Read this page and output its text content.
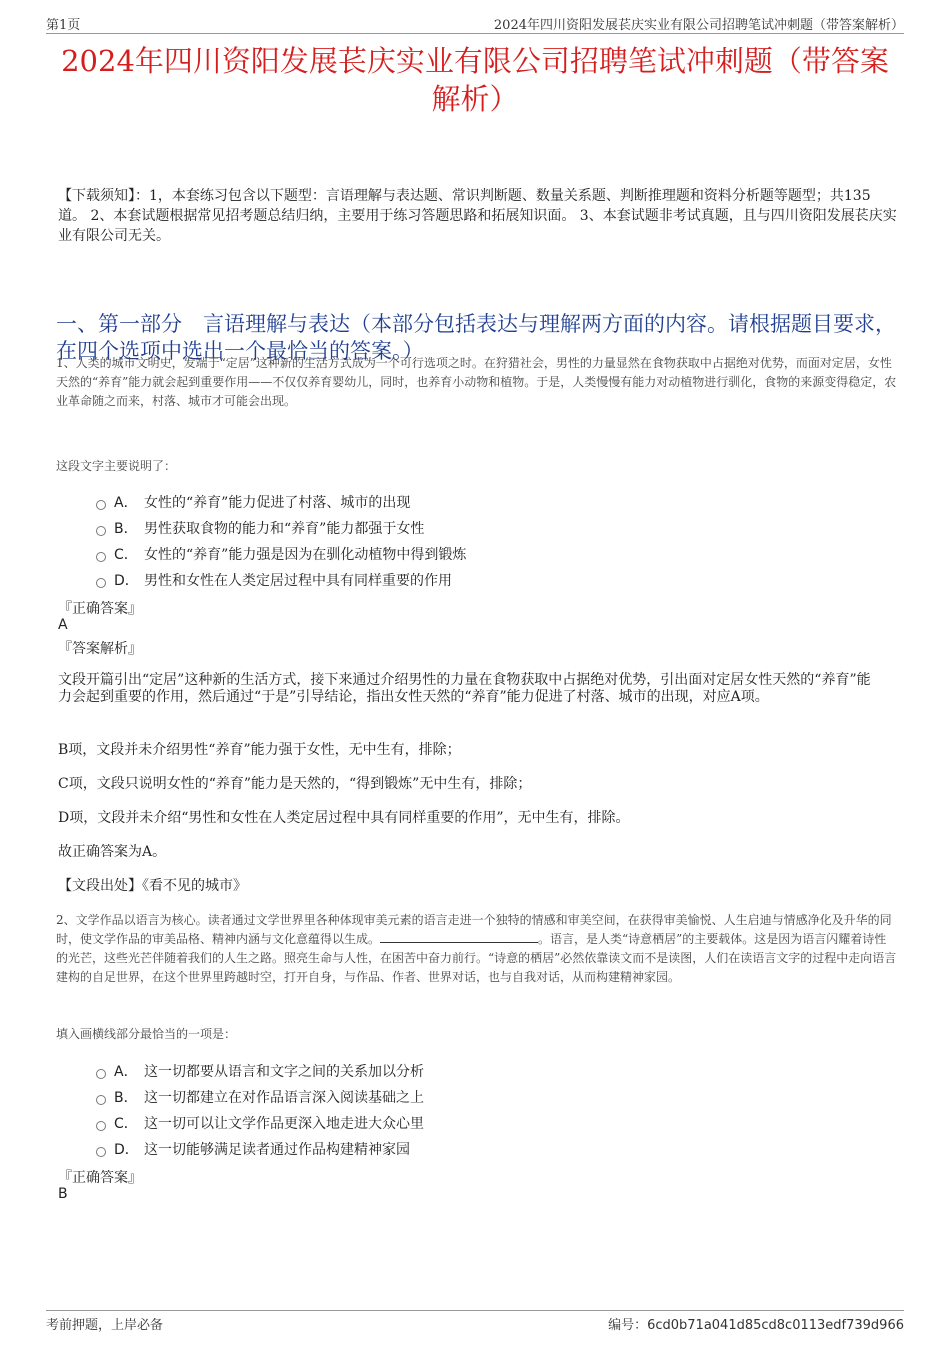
第1页	2024年四川资阳发展苌庆实业有限公司招聘笔试冲刺题（带答案解析）
2024年四川资阳发展苌庆实业有限公司招聘笔试冲刺题（带答案解析）
【下载须知】：1，本套练习包含以下题型：言语理解与表达题、常识判断题、数量关系题、判断推理题和资料分析题等题型；共135道。 2、本套试题根据常见招考题总结归纳，主要用于练习答题思路和拓展知识面。 3、本套试题非考试真题，且与四川资阳发展苌庆实业有限公司无关。
一、第一部分　言语理解与表达（本部分包括表达与理解两方面的内容。请根据题目要求，在四个选项中选出一个最恰当的答案。）
1、人类的城市文明史，发端于“定居”这种新的生活方式成为一个可行选项之时。在狩猎社会，男性的力量显然在食物获取中占据绝对优势，而面对定居，女性天然的“养育”能力就会起到重要作用——不仅仅养育婴幼儿，同时，也养育小动物和植物。于是，人类慢慢有能力对动植物进行驯化，食物的来源变得稳定，农业革命随之而来，村落、城市才可能会出现。
这段文字主要说明了：
A． 女性的“养育”能力促进了村落、城市的出现
B． 男性获取食物的能力和“养育”能力都强于女性
C． 女性的“养育”能力强是因为在驯化动植物中得到锻炼
D． 男性和女性在人类定居过程中具有同样重要的作用
『正确答案』
A
『答案解析』
文段开篇引出“定居”这种新的生活方式，接下来通过介绍男性的力量在食物获取中占据绝对优势，引出面对定居女性天然的“养育”能力会起到重要的作用，然后通过“于是”引导结论，指出女性天然的“养育”能力促进了村落、城市的出现，对应A项。
B项，文段并未介绍男性“养育”能力强于女性，无中生有，排除；
C项，文段只说明女性的“养育”能力是天然的，“得到锻炼”无中生有，排除；
D项，文段并未介绍“男性和女性在人类定居过程中具有同样重要的作用”，无中生有，排除。
故正确答案为A。
【文段出处】《看不见的城市》
2、文学作品以语言为核心。读者通过文学世界里各种体现审美元素的语言走进一个独特的情感和审美空间，在获得审美愉悦、人生启迪与情感净化及升华的同时，使文学作品的审美品格、精神内涵与文化意蕴得以生成。	。语言，是人类“诗意栖居”的主要载体。这是因为语言闪耀着诗性的光芒，这些光芒伴随着我们的人生之路。照亮生命与人性，在困苦中奋力前行。“诗意的栖居”必然依靠读文而不是读图，人们在读语言文字的过程中走向语言建构的自足世界，在这个世界里跨越时空，打开自身，与作品、作者、世界对话，也与自我对话，从而构建精神家园。
填入画横线部分最恰当的一项是：
A． 这一切都要从语言和文字之间的关系加以分析
B． 这一切都建立在对作品语言深入阅读基础之上
C． 这一切可以让文学作品更深入地走进大众心里
D． 这一切能够满足读者通过作品构建精神家园
『正确答案』
B
考前押题，上岸必备	编号：6cd0b71a041d85cd8c0113edf739d966
